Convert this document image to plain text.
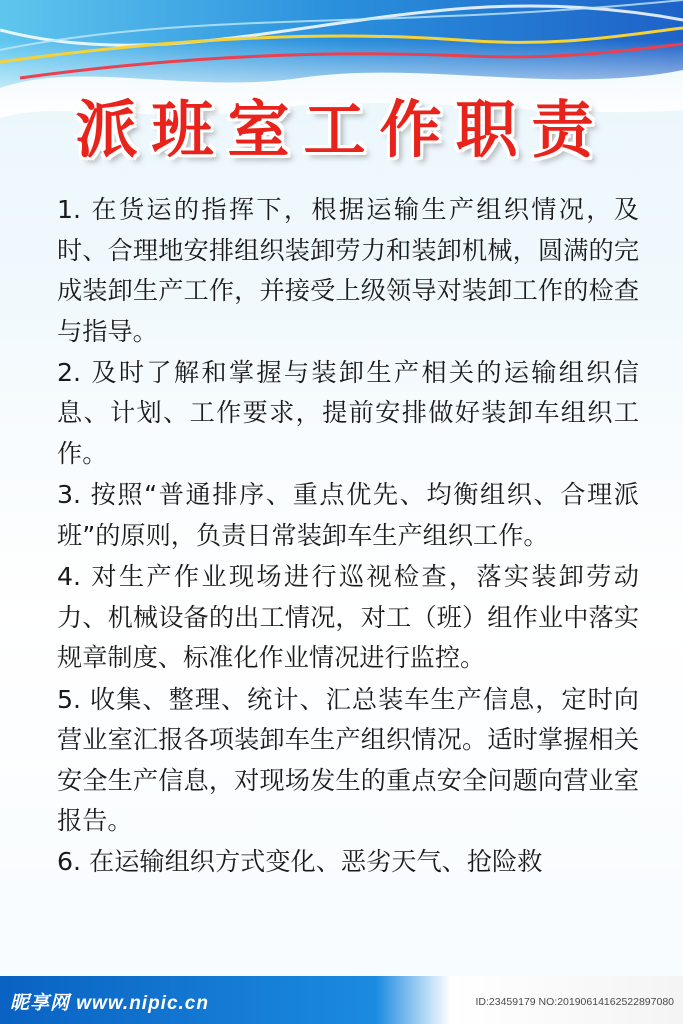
派班室工作职责

1. 在货运的指挥下，根据运输生产组织情况，及时、合理地安排组织装卸劳力和装卸机械，圆满的完成装卸生产工作，并接受上级领导对装卸工作的检查与指导。

2. 及时了解和掌握与装卸生产相关的运输组织信息、计划、工作要求，提前安排做好装卸车组织工作。

3. 按照“普通排序、重点优先、均衡组织、合理派班”的原则，负责日常装卸车生产组织工作。

4. 对生产作业现场进行巡视检查，落实装卸劳动力、机械设备的出工情况，对工（班）组作业中落实规章制度、标准化作业情况进行监控。

5. 收集、整理、统计、汇总装车生产信息，定时向营业室汇报各项装卸车生产组织情况。适时掌握相关安全生产信息，对现场发生的重点安全问题向营业室报告。

6. 在运输组织方式变化、恶劣天气、抢险救

昵享网 www.nipic.cn	ID:23459179 NO:20190614162522897080
